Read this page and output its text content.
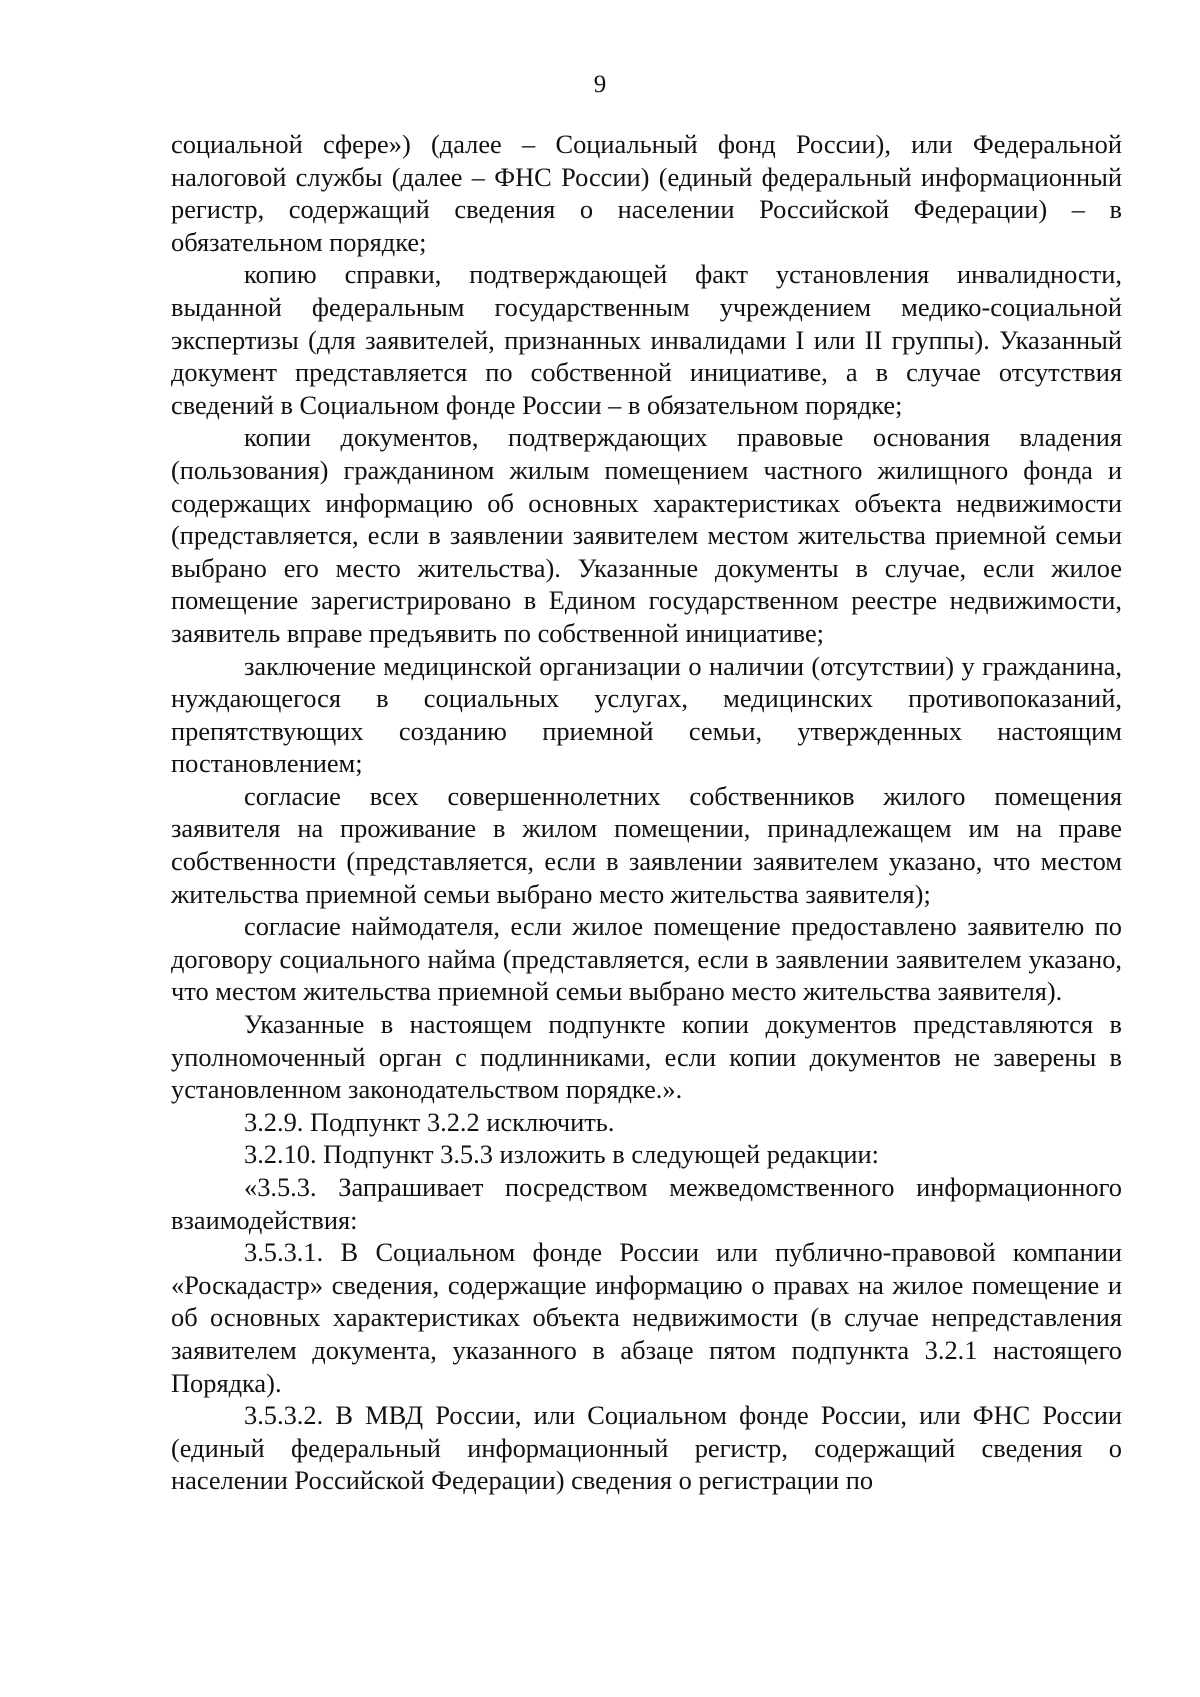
9

социальной сфере») (далее – Социальный фонд России), или Федеральной налоговой службы (далее – ФНС России) (единый федеральный информационный регистр, содержащий сведения о населении Российской Федерации) – в обязательном порядке;

копию справки, подтверждающей факт установления инвалидности, выданной федеральным государственным учреждением медико-социальной экспертизы (для заявителей, признанных инвалидами I или II группы). Указанный документ представляется по собственной инициативе, а в случае отсутствия сведений в Социальном фонде России – в обязательном порядке;

копии документов, подтверждающих правовые основания владения (пользования) гражданином жилым помещением частного жилищного фонда и содержащих информацию об основных характеристиках объекта недвижимости (представляется, если в заявлении заявителем местом жительства приемной семьи выбрано его место жительства). Указанные документы в случае, если жилое помещение зарегистрировано в Едином государственном реестре недвижимости, заявитель вправе предъявить по собственной инициативе;

заключение медицинской организации о наличии (отсутствии) у гражданина, нуждающегося в социальных услугах, медицинских противопоказаний, препятствующих созданию приемной семьи, утвержденных настоящим постановлением;

согласие всех совершеннолетних собственников жилого помещения заявителя на проживание в жилом помещении, принадлежащем им на праве собственности (представляется, если в заявлении заявителем указано, что местом жительства приемной семьи выбрано место жительства заявителя);

согласие наймодателя, если жилое помещение предоставлено заявителю по договору социального найма (представляется, если в заявлении заявителем указано, что местом жительства приемной семьи выбрано место жительства заявителя).

Указанные в настоящем подпункте копии документов представляются в уполномоченный орган с подлинниками, если копии документов не заверены в установленном законодательством порядке.».

3.2.9. Подпункт 3.2.2 исключить.

3.2.10. Подпункт 3.5.3 изложить в следующей редакции:

«3.5.3. Запрашивает посредством межведомственного информационного взаимодействия:

3.5.3.1. В Социальном фонде России или публично-правовой компании «Роскадастр» сведения, содержащие информацию о правах на жилое помещение и об основных характеристиках объекта недвижимости (в случае непредставления заявителем документа, указанного в абзаце пятом подпункта 3.2.1 настоящего Порядка).

3.5.3.2. В МВД России, или Социальном фонде России, или ФНС России (единый федеральный информационный регистр, содержащий сведения о населении Российской Федерации) сведения о регистрации по
